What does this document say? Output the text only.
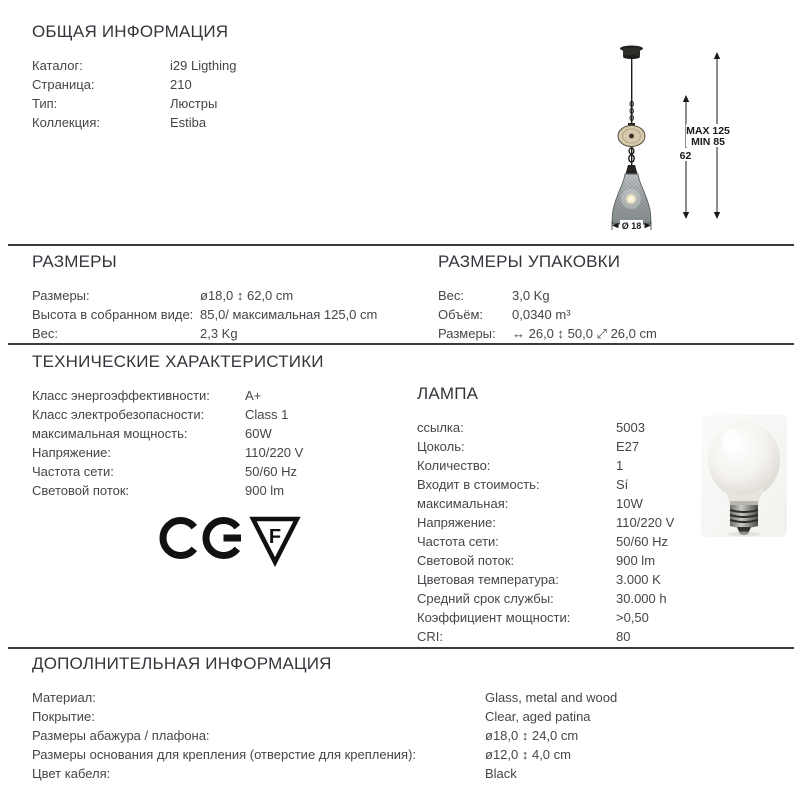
ОБЩАЯ ИНФОРМАЦИЯ
Каталог:	i29 Ligthing
Страница:	210
Тип:	Люстры
Коллекция:	Estiba
Ø 18
62
MAX 125
MIN 85
РАЗМЕРЫ
Размеры:	ø18,0 ↕ 62,0 cm
Высота в собранном виде: 85,0/ максимальная 125,0 cm
Вес:	2,3 Kg
РАЗМЕРЫ УПАКОВКИ
Вес:	3,0 Kg
Объём:	0,0340 m³
Размеры:	↔ 26,0 ↕ 50,0 ⤢ 26,0 cm
ТЕХНИЧЕСКИЕ ХАРАКТЕРИСТИКИ
Класс энергоэффективности:	A+
Класс электробезопасности:	Class 1
максимальная мощность:	60W
Напряжение:	110/220 V
Частота сети:	50/60 Hz
Световой поток:	900 lm
F
ЛАМПА
ссылка:	5003
Цоколь:	E27
Количество:	1
Входит в стоимость:	Sí
максимальная:	10W
Напряжение:	110/220 V
Частота сети:	50/60 Hz
Световой поток:	900 lm
Цветовая температура:	3.000 K
Средний срок службы:	30.000 h
Коэффициент мощности:	>0,50
CRI:	80
ДОПОЛНИТЕЛЬНАЯ ИНФОРМАЦИЯ
Материал:	Glass, metal and wood
Покрытие:	Clear, aged patina
Размеры абажура / плафона:	ø18,0 ↕ 24,0 cm
Размеры основания для крепления (отверстие для крепления):	ø12,0 ↕ 4,0 cm
Цвет кабеля:	Black
